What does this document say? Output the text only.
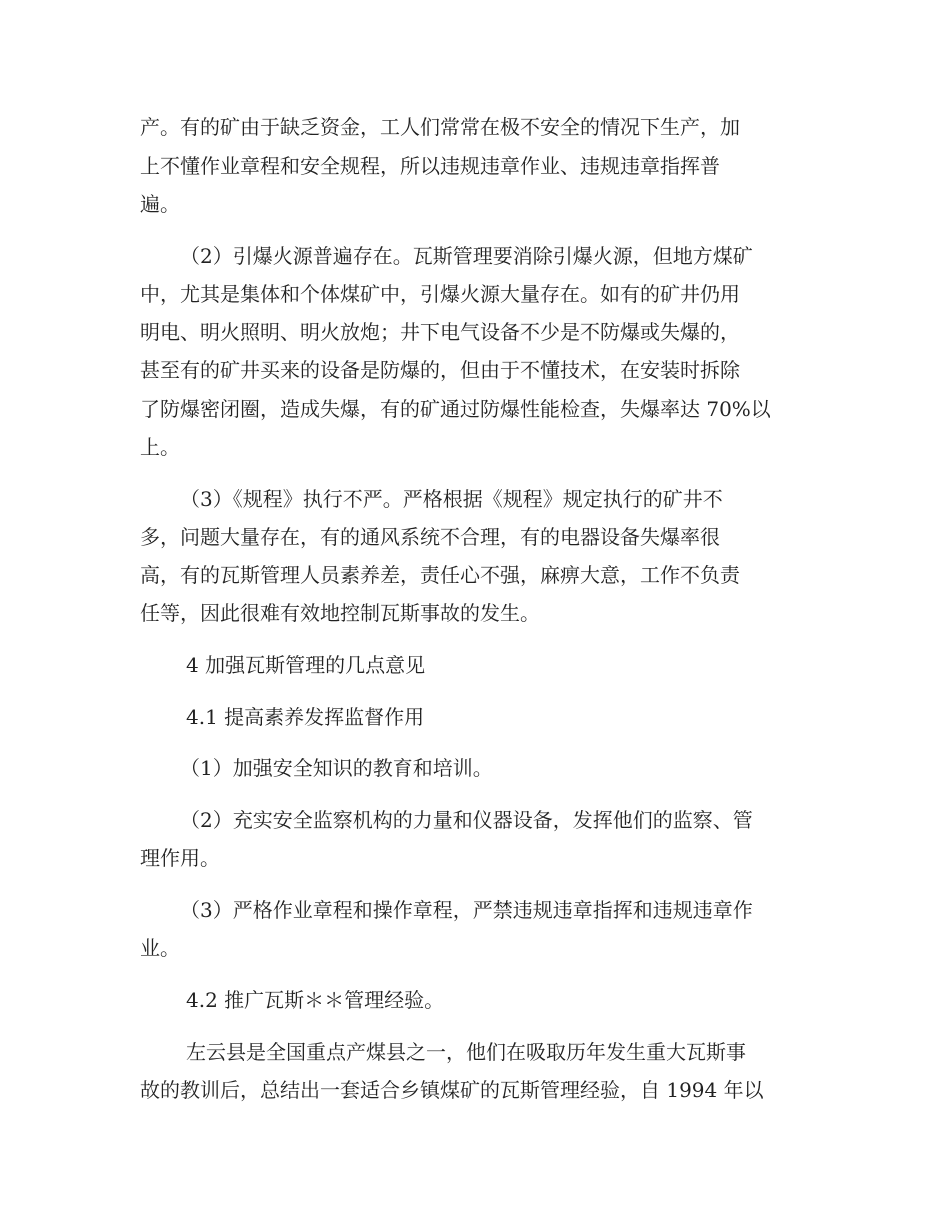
产。有的矿由于缺乏资金，工人们常常在极不安全的情况下生产，加
上不懂作业章程和安全规程，所以违规违章作业、违规违章指挥普
遍。
（2）引爆火源普遍存在。瓦斯管理要消除引爆火源，但地方煤矿
中，尤其是集体和个体煤矿中，引爆火源大量存在。如有的矿井仍用
明电、明火照明、明火放炮；井下电气设备不少是不防爆或失爆的，
甚至有的矿井买来的设备是防爆的，但由于不懂技术，在安装时拆除
了防爆密闭圈，造成失爆，有的矿通过防爆性能检查，失爆率达 70%以
上。
（3）《规程》执行不严。严格根据《规程》规定执行的矿井不
多，问题大量存在，有的通风系统不合理，有的电器设备失爆率很
高，有的瓦斯管理人员素养差，责任心不强，麻痹大意，工作不负责
任等，因此很难有效地控制瓦斯事故的发生。
4 加强瓦斯管理的几点意见
4.1 提高素养发挥监督作用
（1）加强安全知识的教育和培训。
（2）充实安全监察机构的力量和仪器设备，发挥他们的监察、管
理作用。
（3）严格作业章程和操作章程，严禁违规违章指挥和违规违章作
业。
4.2 推广瓦斯＊＊管理经验。
左云县是全国重点产煤县之一，他们在吸取历年发生重大瓦斯事
故的教训后，总结出一套适合乡镇煤矿的瓦斯管理经验，自 1994 年以
